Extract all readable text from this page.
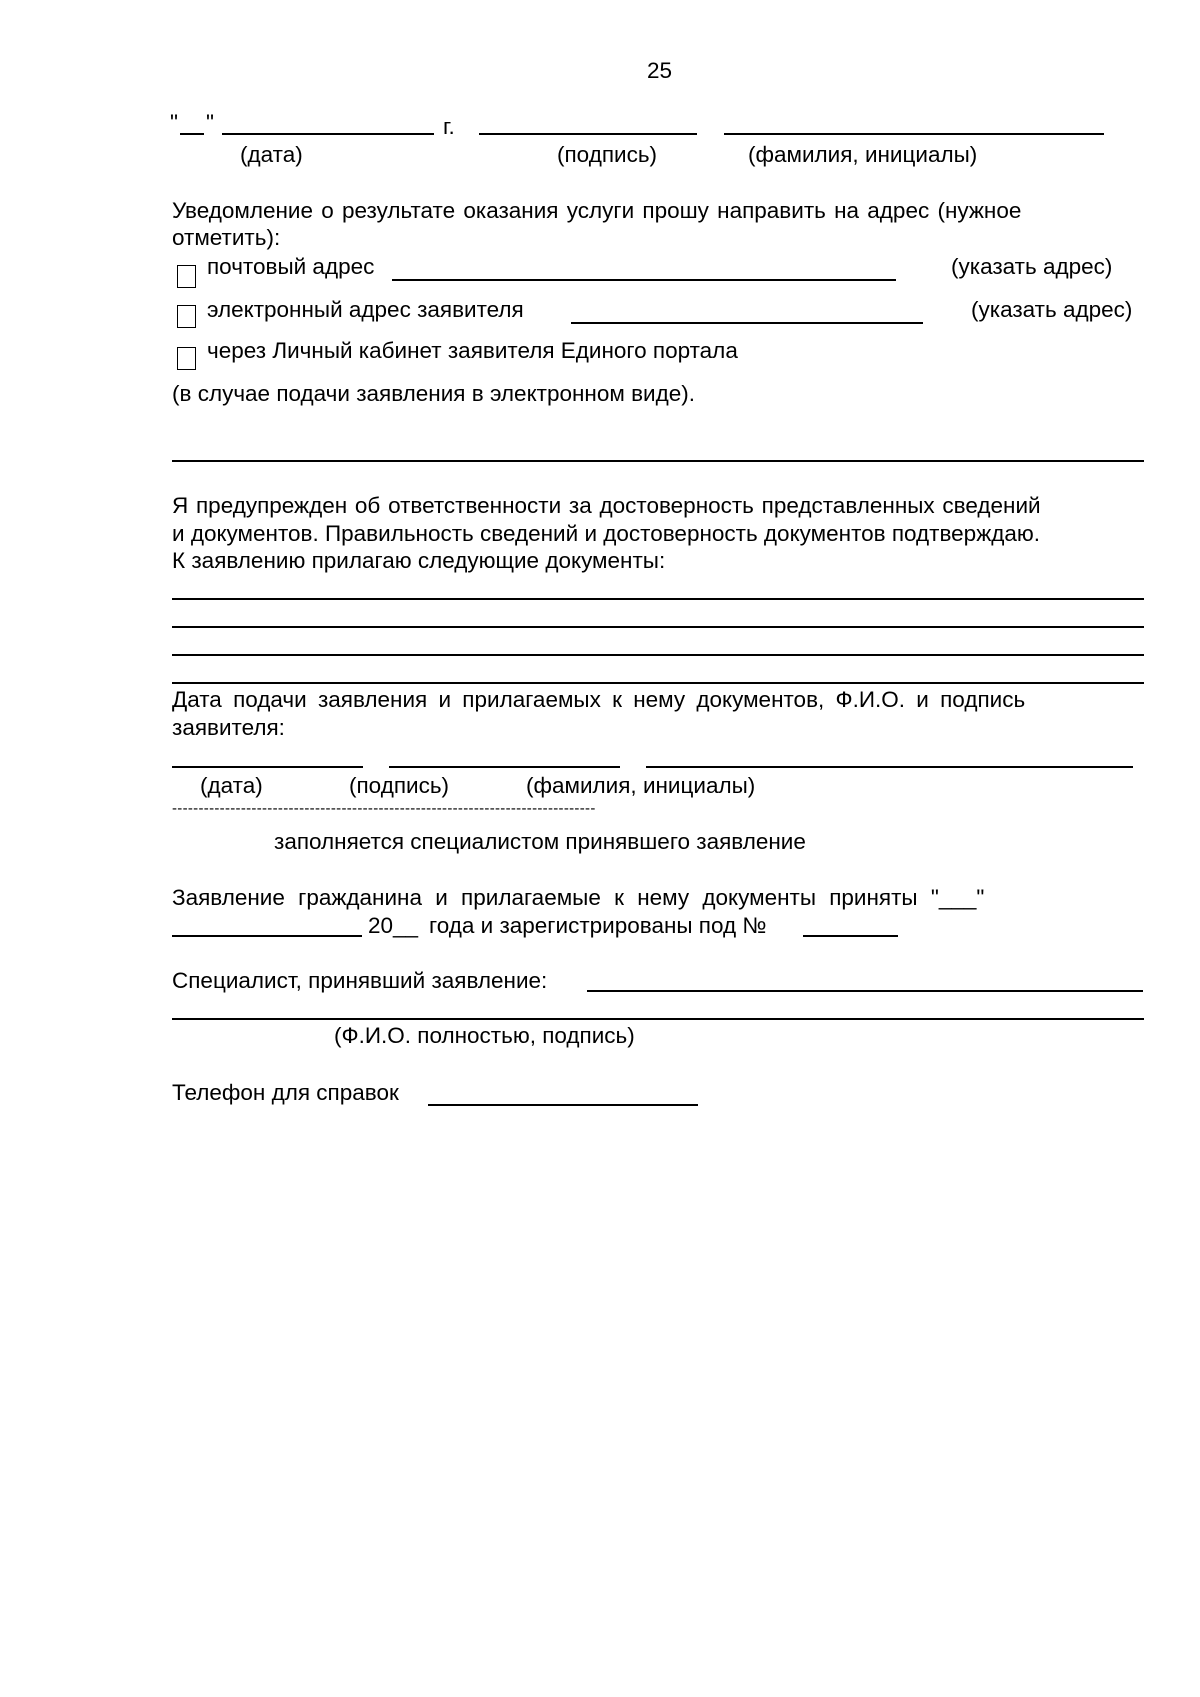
25
" "	г.
(дата)	(подпись)	(фамилия, инициалы)
Уведомление о результате оказания услуги прошу направить на адрес (нужное
отметить):
почтовый адрес	(указать адрес)
электронный адрес заявителя	(указать адрес)
через Личный кабинет заявителя Единого портала
(в случае подачи заявления в электронном виде).
Я предупрежден об ответственности за достоверность представленных сведений
и документов. Правильность сведений и достоверность документов подтверждаю.
К заявлению прилагаю следующие документы:
Дата подачи заявления и прилагаемых к нему документов, Ф.И.О. и подпись
заявителя:
(дата)	(подпись)	(фамилия, инициалы)
--------------------------------------------------------------------------------
заполняется специалистом принявшего заявление
Заявление гражданина и прилагаемые к нему документы приняты "___"
20__ года и зарегистрированы под №
Специалист, принявший заявление:
(Ф.И.О. полностью, подпись)
Телефон для справок
